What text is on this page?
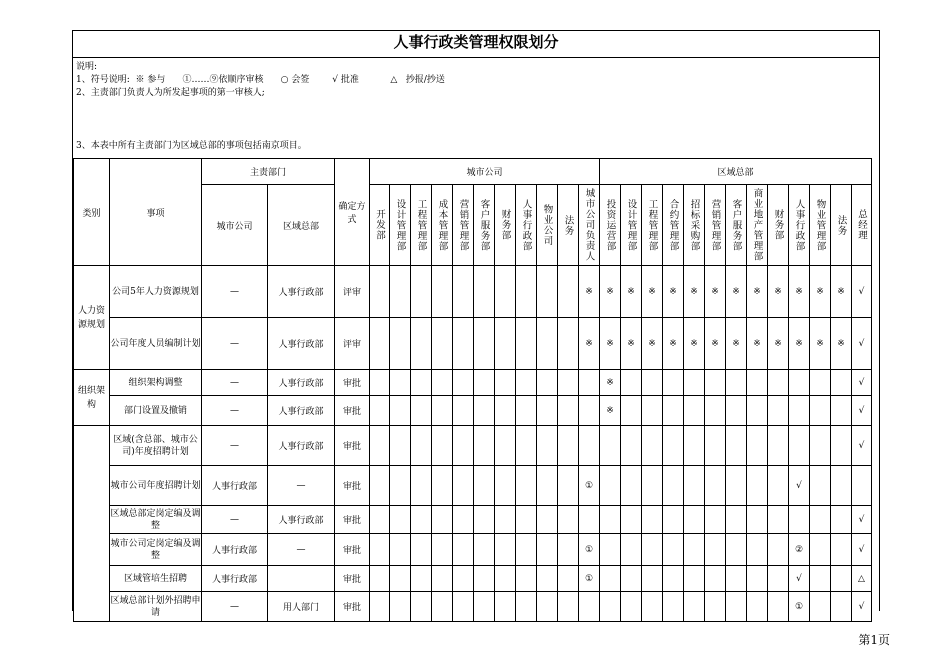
人事行政类管理权限划分
说明:
1、符号说明:  ※ 参与      ①……⑨依顺序审核      ○ 会签        √ 批准           △   抄报/抄送
2、主责部门负责人为所发起事项的第一审核人;
3、本表中所有主责部门为区域总部的事项包括南京项目。
类别	事项	主责部门		确定方式	城市公司											区域总部												
		城市公司	区域总部		开发部	设计管理部	工程管理部	成本管理部	营销管理部	客户服务部	财务部	人事行政部	物业公司	法务	城市公司负责人	投资运营部	设计管理部	工程管理部	合约管理部	招标采购部	营销管理部	客户服务部	商业地产管理部	财务部	人事行政部	物业管理部	法务	总经理

人力资源规划	公司5年人力资源规划	—	人事行政部	评审											※	※	※	※	※	※	※	※	※	※	※	※	※	√
	公司年度人员编制计划	—	人事行政部	评审											※	※	※	※	※	※	※	※	※	※	※	※	※	√
组织架构	组织架构调整	—	人事行政部	审批												※												√
	部门设置及撤销	—	人事行政部	审批												※												√
	区域(含总部、城市公司)年度招聘计划	—	人事行政部	审批																								√
	城市公司年度招聘计划	人事行政部	—	审批											①										√			
	区域总部定岗定编及调整	—	人事行政部	审批																								√
	城市公司定岗定编及调整	人事行政部	—	审批											①										②			√
	区域管培生招聘	人事行政部		审批											①										√			△
	区域总部计划外招聘申请	—	用人部门	审批																					①			√
第1页
